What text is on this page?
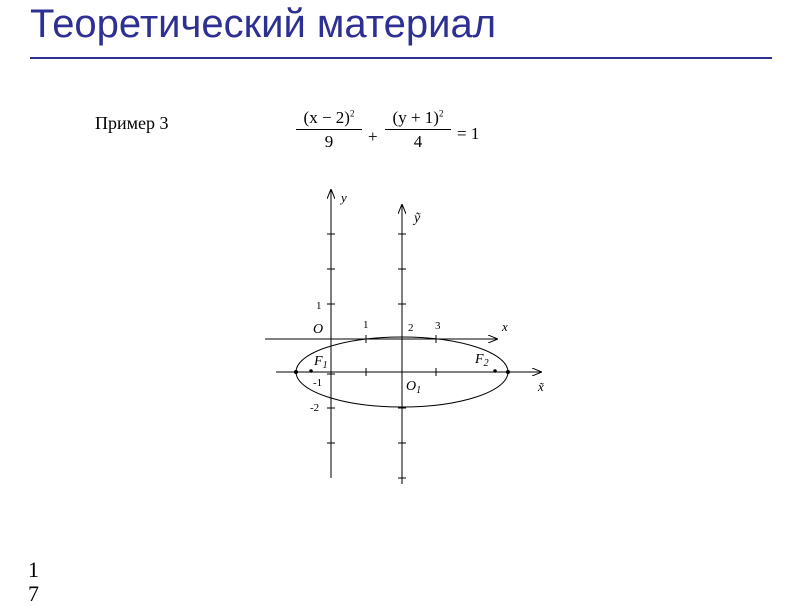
Теоретический материал
Пример 3	$(x - 2)^2$
9	+
$(y + 1)^2$
4	= 1
y
ỹ
x
x̃
O
$O_1$
$F_1$	$F_2$
1	2 3
1
-1
-2
1
7
